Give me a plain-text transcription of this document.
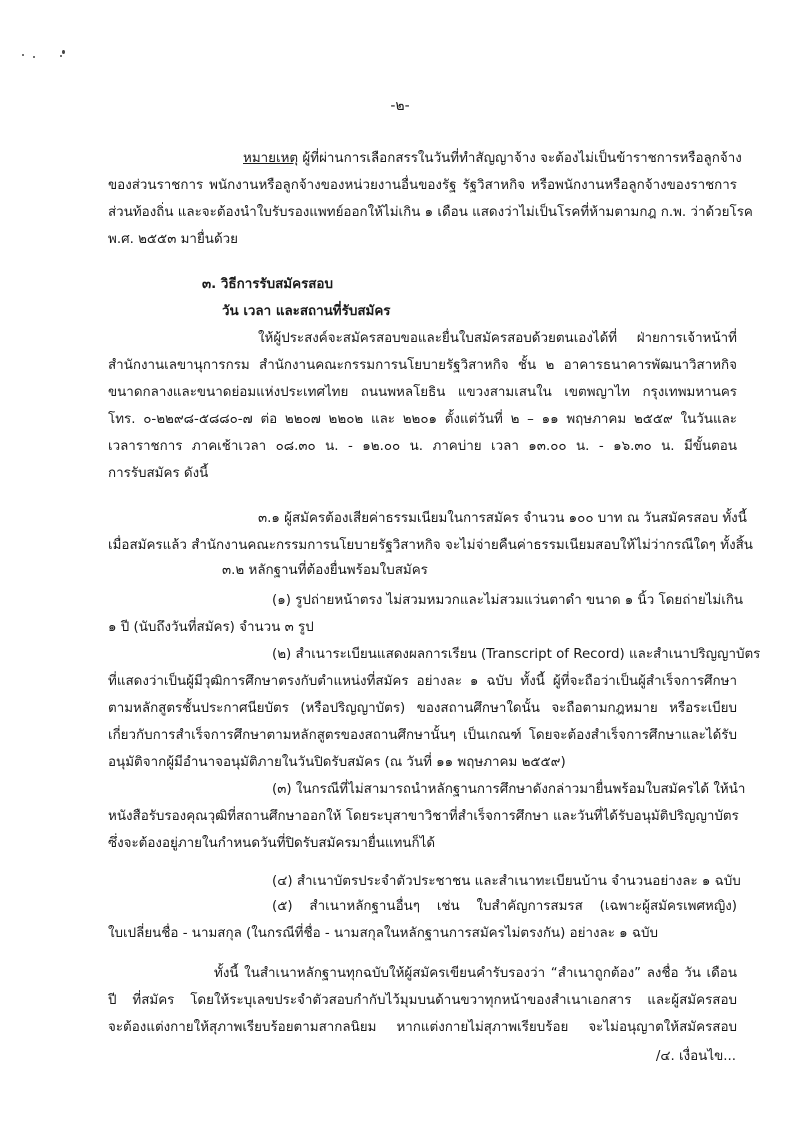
-๒-
หมายเหตุ ผู้ที่ผ่านการเลือกสรรในวันที่ทำสัญญาจ้าง จะต้องไม่เป็นข้าราชการหรือลูกจ้าง
ของส่วนราชการ พนักงานหรือลูกจ้างของหน่วยงานอื่นของรัฐ รัฐวิสาหกิจ หรือพนักงานหรือลูกจ้างของราชการ
ส่วนท้องถิ่น และจะต้องนำใบรับรองแพทย์ออกให้ไม่เกิน ๑ เดือน แสดงว่าไม่เป็นโรคที่ห้ามตามกฎ ก.พ. ว่าด้วยโรค
พ.ศ. ๒๕๕๓ มายื่นด้วย
๓. วิธีการรับสมัครสอบ
วัน เวลา และสถานที่รับสมัคร
ให้ผู้ประสงค์จะสมัครสอบขอและยื่นใบสมัครสอบด้วยตนเองได้ที่ ฝ่ายการเจ้าหน้าที่
สำนักงานเลขานุการกรม สำนักงานคณะกรรมการนโยบายรัฐวิสาหกิจ ชั้น ๒ อาคารธนาคารพัฒนาวิสาหกิจ
ขนาดกลางและขนาดย่อมแห่งประเทศไทย ถนนพหลโยธิน แขวงสามเสนใน เขตพญาไท กรุงเทพมหานคร
โทร. ๐-๒๒๙๘-๕๘๘๐-๗ ต่อ ๒๒๐๗ ๒๒๐๒ และ ๒๒๐๑ ตั้งแต่วันที่ ๒ – ๑๑ พฤษภาคม ๒๕๕๙ ในวันและ
เวลาราชการ ภาคเช้าเวลา ๐๘.๓๐ น. - ๑๒.๐๐ น. ภาคบ่าย เวลา ๑๓.๐๐ น. - ๑๖.๓๐ น. มีขั้นตอน
การรับสมัคร ดังนี้
๓.๑ ผู้สมัครต้องเสียค่าธรรมเนียมในการสมัคร จำนวน ๑๐๐ บาท ณ วันสมัครสอบ ทั้งนี้
เมื่อสมัครแล้ว สำนักงานคณะกรรมการนโยบายรัฐวิสาหกิจ จะไม่จ่ายคืนค่าธรรมเนียมสอบให้ไม่ว่ากรณีใดๆ ทั้งสิ้น
๓.๒ หลักฐานที่ต้องยื่นพร้อมใบสมัคร
(๑) รูปถ่ายหน้าตรง ไม่สวมหมวกและไม่สวมแว่นตาดำ ขนาด ๑ นิ้ว โดยถ่ายไม่เกิน
๑ ปี (นับถึงวันที่สมัคร) จำนวน ๓ รูป
(๒) สำเนาระเบียนแสดงผลการเรียน (Transcript of Record) และสำเนาปริญญาบัตร
ที่แสดงว่าเป็นผู้มีวุฒิการศึกษาตรงกับตำแหน่งที่สมัคร อย่างละ ๑ ฉบับ ทั้งนี้ ผู้ที่จะถือว่าเป็นผู้สำเร็จการศึกษา
ตามหลักสูตรชั้นประกาศนียบัตร (หรือปริญญาบัตร) ของสถานศึกษาใดนั้น จะถือตามกฎหมาย หรือระเบียบ
เกี่ยวกับการสำเร็จการศึกษาตามหลักสูตรของสถานศึกษานั้นๆ เป็นเกณฑ์ โดยจะต้องสำเร็จการศึกษาและได้รับ
อนุมัติจากผู้มีอำนาจอนุมัติภายในวันปิดรับสมัคร (ณ วันที่ ๑๑ พฤษภาคม ๒๕๕๙)
(๓) ในกรณีที่ไม่สามารถนำหลักฐานการศึกษาดังกล่าวมายื่นพร้อมใบสมัครได้ ให้นำ
หนังสือรับรองคุณวุฒิที่สถานศึกษาออกให้ โดยระบุสาขาวิชาที่สำเร็จการศึกษา และวันที่ได้รับอนุมัติปริญญาบัตร
ซึ่งจะต้องอยู่ภายในกำหนดวันที่ปิดรับสมัครมายื่นแทนก็ได้
(๔) สำเนาบัตรประจำตัวประชาชน และสำเนาทะเบียนบ้าน จำนวนอย่างละ ๑ ฉบับ
(๕) สำเนาหลักฐานอื่นๆ เช่น ใบสำคัญการสมรส (เฉพาะผู้สมัครเพศหญิง)
ใบเปลี่ยนชื่อ - นามสกุล (ในกรณีที่ชื่อ - นามสกุลในหลักฐานการสมัครไม่ตรงกัน) อย่างละ ๑ ฉบับ
ทั้งนี้ ในสำเนาหลักฐานทุกฉบับให้ผู้สมัครเขียนคำรับรองว่า “สำเนาถูกต้อง” ลงชื่อ วัน เดือน
ปี ที่สมัคร โดยให้ระบุเลขประจำตัวสอบกำกับไว้มุมบนด้านขวาทุกหน้าของสำเนาเอกสาร และผู้สมัครสอบ
จะต้องแต่งกายให้สุภาพเรียบร้อยตามสากลนิยม หากแต่งกายไม่สุภาพเรียบร้อย จะไม่อนุญาตให้สมัครสอบ
/๔. เงื่อนไข...
